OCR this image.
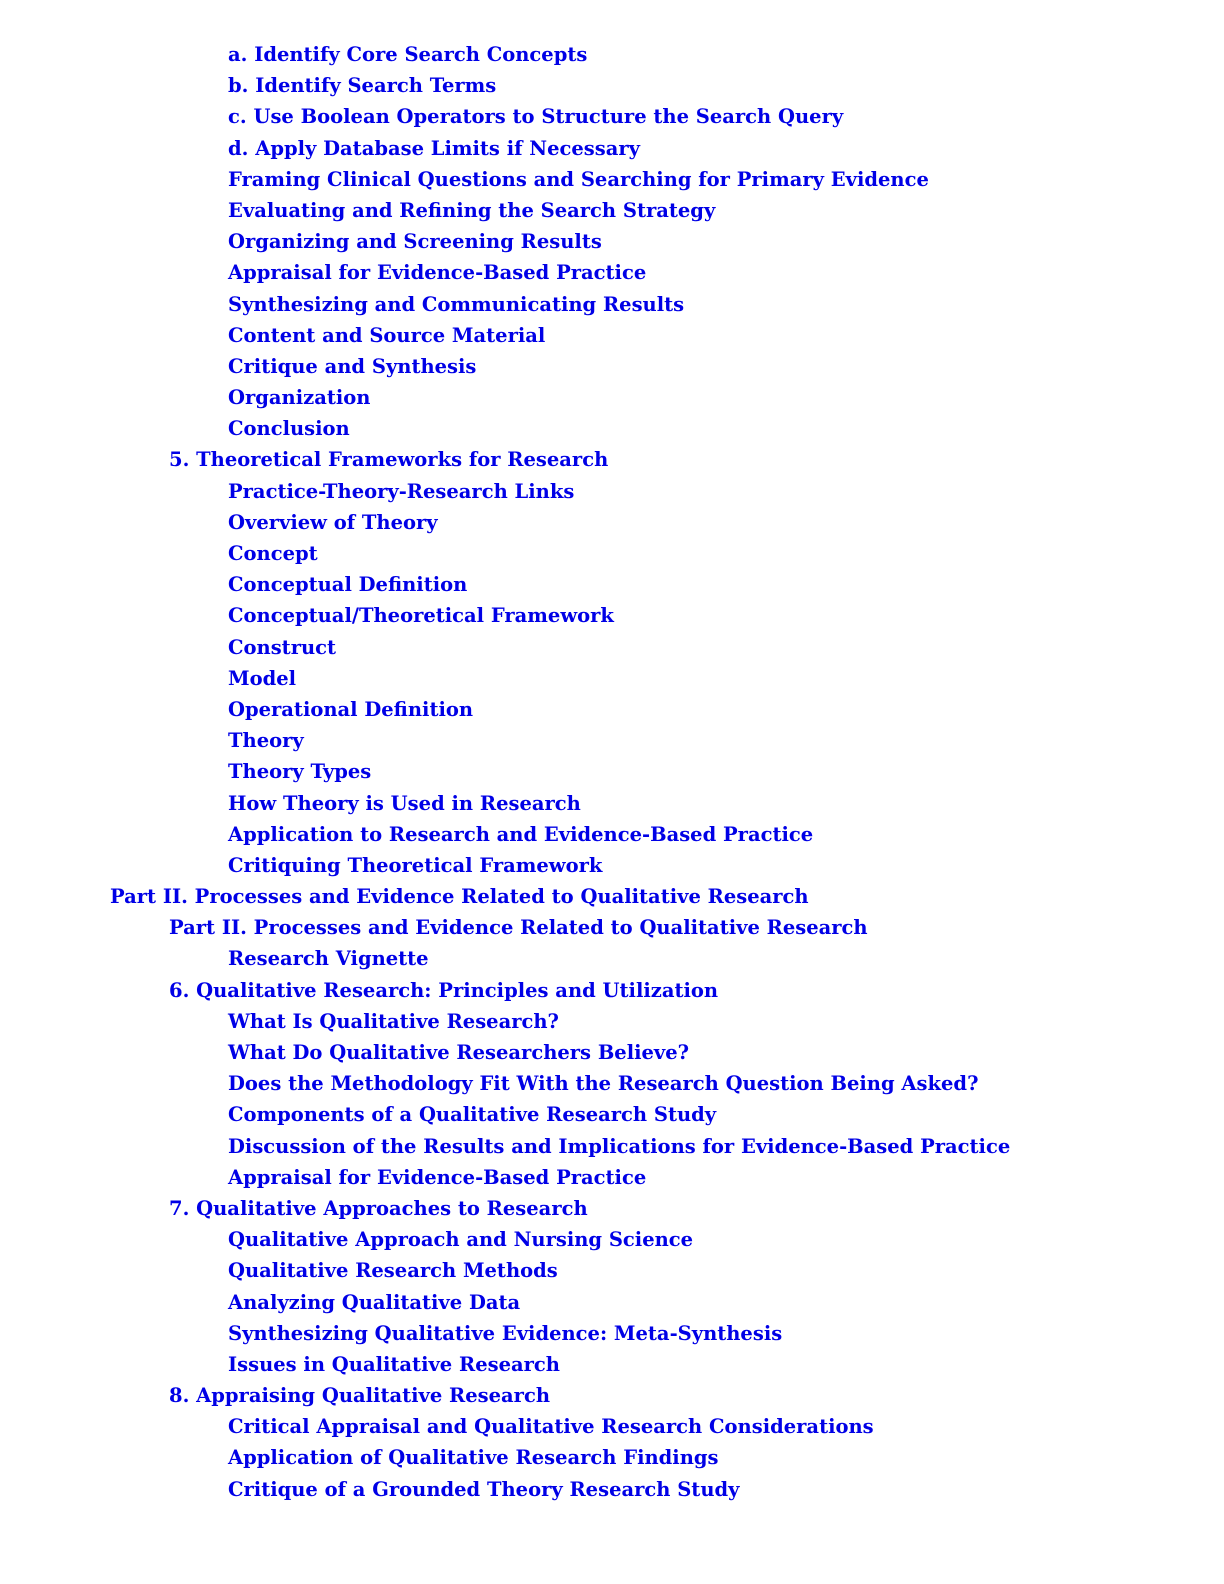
a. Identify Core Search Concepts
b. Identify Search Terms
c. Use Boolean Operators to Structure the Search Query
d. Apply Database Limits if Necessary
Framing Clinical Questions and Searching for Primary Evidence
Evaluating and Refining the Search Strategy
Organizing and Screening Results
Appraisal for Evidence-Based Practice
Synthesizing and Communicating Results
Content and Source Material
Critique and Synthesis
Organization
Conclusion
5. Theoretical Frameworks for Research
Practice-Theory-Research Links
Overview of Theory
Concept
Conceptual Definition
Conceptual/Theoretical Framework
Construct
Model
Operational Definition
Theory
Theory Types
How Theory is Used in Research
Application to Research and Evidence-Based Practice
Critiquing Theoretical Framework
Part II. Processes and Evidence Related to Qualitative Research
Part II. Processes and Evidence Related to Qualitative Research
Research Vignette
6. Qualitative Research: Principles and Utilization
What Is Qualitative Research?
What Do Qualitative Researchers Believe?
Does the Methodology Fit With the Research Question Being Asked?
Components of a Qualitative Research Study
Discussion of the Results and Implications for Evidence-Based Practice
Appraisal for Evidence-Based Practice
7. Qualitative Approaches to Research
Qualitative Approach and Nursing Science
Qualitative Research Methods
Analyzing Qualitative Data
Synthesizing Qualitative Evidence: Meta-Synthesis
Issues in Qualitative Research
8. Appraising Qualitative Research
Critical Appraisal and Qualitative Research Considerations
Application of Qualitative Research Findings
Critique of a Grounded Theory Research Study
